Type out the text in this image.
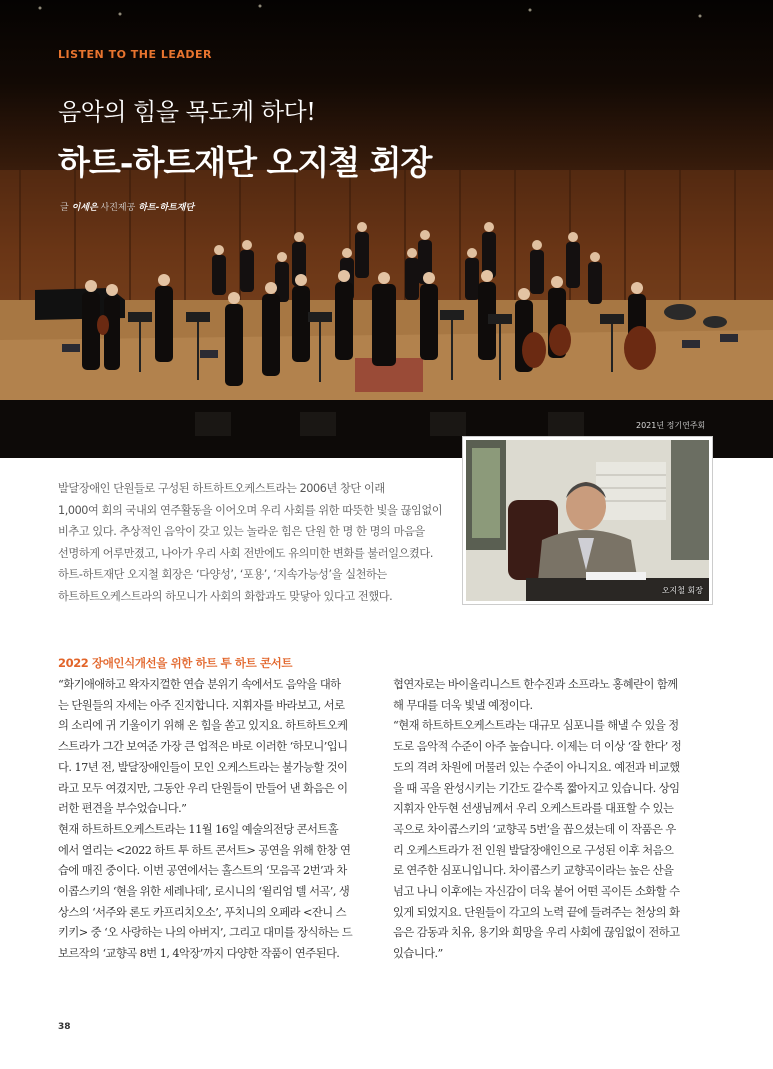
LISTEN TO THE LEADER
음악의 힘을 목도케 하다!
하트-하트재단 오지철 회장
글 이세은 사진제공 하트-하트재단
2021년 정기연주회
오지철 회장
발달장애인 단원들로 구성된 하트하트오케스트라는 2006년 창단 이래
1,000여 회의 국내외 연주활동을 이어오며 우리 사회를 위한 따뜻한 빛을 끊임없이
비추고 있다. 추상적인 음악이 갖고 있는 놀라운 힘은 단원 한 명 한 명의 마음을
선명하게 어루만졌고, 나아가 우리 사회 전반에도 유의미한 변화를 불러일으켰다.
하트-하트재단 오지철 회장은 ‘다양성’, ‘포용’, ‘지속가능성’을 실천하는
하트하트오케스트라의 하모니가 사회의 화합과도 맞닿아 있다고 전했다.
2022 장애인식개선을 위한 하트 투 하트 콘서트
“화기애애하고 왁자지껄한 연습 분위기 속에서도 음악을 대하
는 단원들의 자세는 아주 진지합니다. 지휘자를 바라보고, 서로
의 소리에 귀 기울이기 위해 온 힘을 쏟고 있지요. 하트하트오케
스트라가 그간 보여준 가장 큰 업적은 바로 이러한 ‘하모니’입니
다. 17년 전, 발달장애인들이 모인 오케스트라는 불가능할 것이
라고 모두 여겼지만, 그동안 우리 단원들이 만들어 낸 화음은 이
러한 편견을 부수었습니다.”
현재 하트하트오케스트라는 11월 16일 예술의전당 콘서트홀
에서 열리는 <2022 하트 투 하트 콘서트> 공연을 위해 한창 연
습에 매진 중이다. 이번 공연에서는 홀스트의 ‘모음곡 2번’과 차
이콥스키의 ‘현을 위한 세레나데’, 로시니의 ‘윌리엄 텔 서곡’, 생
상스의 ‘서주와 론도 카프리치오소’, 푸치니의 오페라 <잔니 스
키키> 중 ‘오 사랑하는 나의 아버지’, 그리고 대미를 장식하는 드
보르작의 ‘교향곡 8번 1, 4악장’까지 다양한 작품이 연주된다.
협연자로는 바이올리니스트 한수진과 소프라노 홍혜란이 함께
해 무대를 더욱 빛낼 예정이다.
“현재 하트하트오케스트라는 대규모 심포니를 해낼 수 있을 정
도로 음악적 수준이 아주 높습니다. 이제는 더 이상 ‘잘 한다’ 정
도의 격려 차원에 머물러 있는 수준이 아니지요. 예전과 비교했
을 때 곡을 완성시키는 기간도 갈수록 짧아지고 있습니다. 상임
지휘자 안두현 선생님께서 우리 오케스트라를 대표할 수 있는
곡으로 차이콥스키의 ‘교향곡 5번’을 꼽으셨는데 이 작품은 우
리 오케스트라가 전 인원 발달장애인으로 구성된 이후 처음으
로 연주한 심포니입니다. 차이콥스키 교향곡이라는 높은 산을
넘고 나니 이후에는 자신감이 더욱 붙어 어떤 곡이든 소화할 수
있게 되었지요. 단원들이 각고의 노력 끝에 들려주는 천상의 화
음은 감동과 치유, 용기와 희망을 우리 사회에 끊임없이 전하고
있습니다.”
38
